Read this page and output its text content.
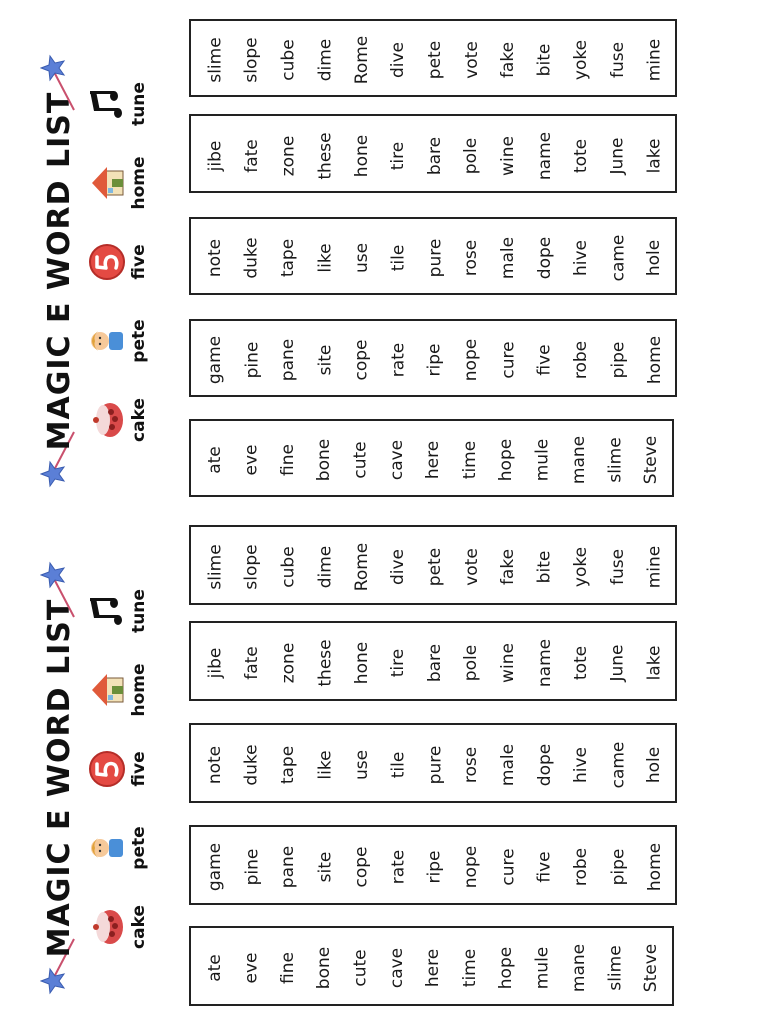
MAGIC E WORD LIST	cake
pete
five
home
tune
ate eve fine bone cute cave here time hope mule mane slime Steve
game pine pane site cope rate ripe nope cure five robe pipe home
note duke tape like use tile pure rose male dope hive came hole
jibe fate zone these hone tire bare pole wine name tote June lake
slime slope cube dime Rome dive pete vote fake bite yoke fuse mine
MAGIC E WORD LIST	cake
pete
five
home
tune
ate eve fine bone cute cave here time hope mule mane slime Steve
game pine pane site cope rate ripe nope cure five robe pipe home
note duke tape like use tile pure rose male dope hive came hole
jibe fate zone these hone tire bare pole wine name tote June lake
slime slope cube dime Rome dive pete vote fake bite yoke fuse mine
